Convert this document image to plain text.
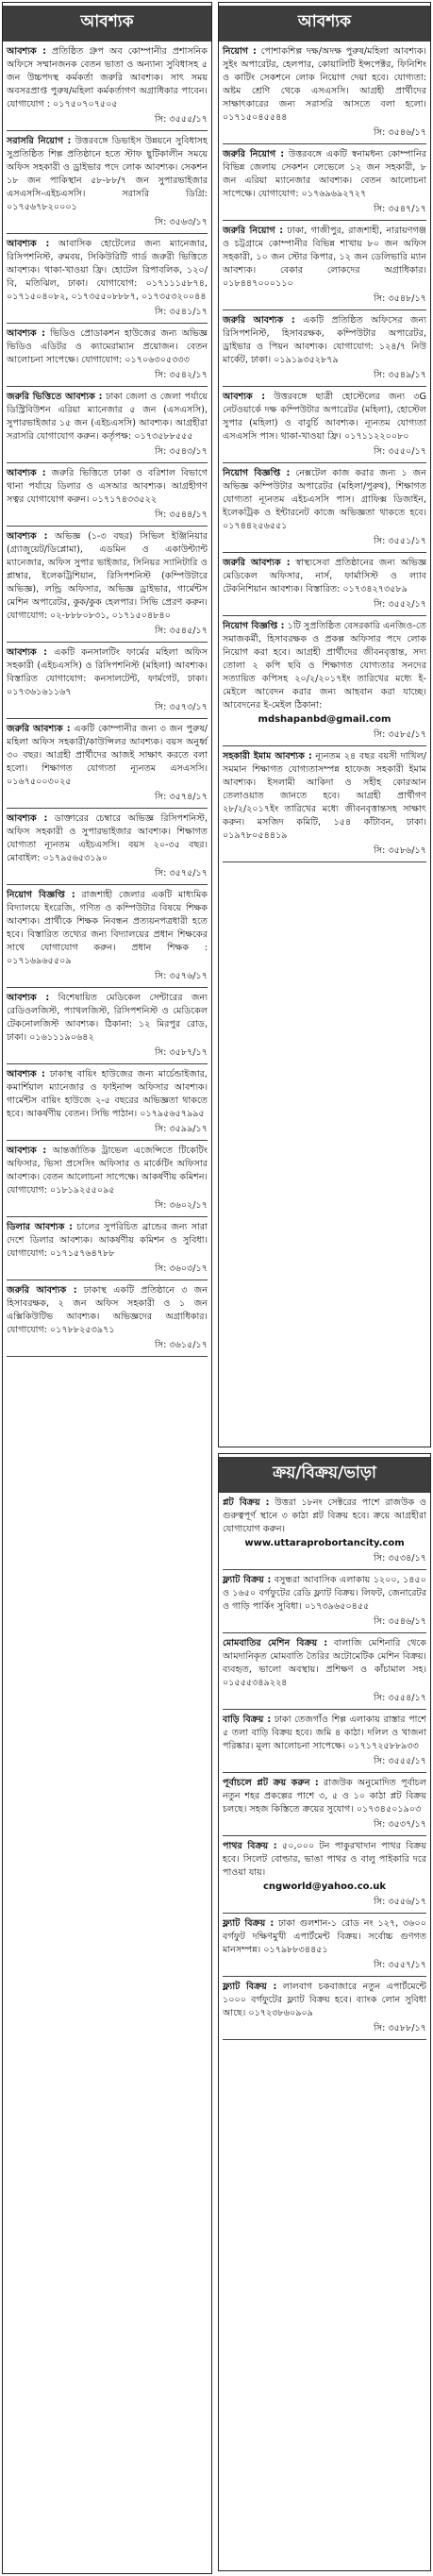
আবশ্যক
আবশ্যক : প্রতিষ্ঠিত গ্রুপ অব কোম্পানীর প্রশাসনিক অফিসে সম্মানজনক বেতন ভাতা ও অন্যান্য সুবিধাসহ ৫ জন উচ্চপদস্থ কর্মকর্তা জরুরি আবশ্যক। সাৎ সময় অবসরপ্রাপ্ত পুরুষ/মহিলা কর্মকর্তাগণ অগ্রাধিকার পাবেন। যোগাযোগ : ০১৭৫০৭০৭৫০৫
সি: ৩৫৫৫/১৭
সরাসরি নিয়োগ : উত্তরবঙ্গে ডিভাইস উন্নয়নে সুবিধাসহ সুপ্রতিষ্ঠিত শিল্প প্রতিষ্ঠানে হতে স্টাফ ছুটিকালীন সময়ে অফিস সহকারী ও ড্রাইভার পদে লোক আবশ্যক। সেকশন ১৮ জন পাকিস্থান ৫৮-৮৮/৭ জন সুপারভাইজার এসএসসি-এইচএসসি। সরাসরি ডিগ্রি: ০১৭৫৬৭৮২০০০১
সি: ৩৫৬৩/১৭
আবশ্যক : আবাসিক হোটেলের জন্য ম্যানেজার, রিসিপশনিস্ট, রুমবয়, সিকিউরিটি গার্ড জরুরী ভিত্তিতে আবশ্যক। থাকা-খাওয়া ফ্রি। হোটেল রিপাবলিক, ১২০/বি, মতিঝিল, ঢাকা। যোগাযোগ: ০১৭১১১৫৮৭৪, ০১৭১৫০৪০৮২, ০১৭৩৫৫০৮৮৮৭, ০১৭৩৫৩২০০৪৪
সি: ৩৫৪১/১৭
আবশ্যক : ভিডিও প্রোডাকশন হাউজের জন্য অভিজ্ঞ ভিডিও এডিটর ও ক্যামেরাম্যান প্রয়োজন। বেতন আলোচনা সাপেক্ষে। যোগাযোগ: ০১৭০৬৩০৫৩৩৩
সি: ৩৫৪২/১৭
জরুরি ভিত্তিতে আবশ্যক : ঢাকা জেলা ও জেলা পর্যায়ে ডিস্ট্রিবিউশন এরিয়া ম্যানেজার ৫ জন (এসএসসি), সুপারভাইজার ১৫ জন (এইচএসসি) আবশ্যক। আগ্রহীরা সরাসরি যোগাযোগ করুন। কর্তৃপক্ষ: ০১৭৩৫৮৮৫৫৫
সি: ৩৫৪৩/১৭
আবশ্যক : জরুরি ভিত্তিতে ঢাকা ও বরিশাল বিভাগে থানা পর্যায়ে ডিলার ও এসআর আবশ্যক। আগ্রহীগণ সত্বর যোগাযোগ করুন। ০১৭১৭৪৩৩৫২২
সি: ৩৫৪৪/১৭
আবশ্যক : অভিজ্ঞ (১-৩ বছর) সিভিল ইঞ্জিনিয়ার (গ্র্যাজুয়েট/ডিপ্লোমা), এডমিন ও একাউন্ট্যান্ট ম্যানেজার, অফিস সুপার ভাইজার, সিনিয়র স্যানিটারি ও প্লাম্বার, ইলেকট্রিশিয়ান, রিসিপশনিস্ট (কম্পিউটারে অভিজ্ঞ), লন্ড্রি অফিসার, অভিজ্ঞ ড্রাইভার, গার্মেন্টস মেশিন অপারেটর, কুক/কুক হেলপার। সিভি প্রেরণ করুন। যোগাযোগ: ০২-৮৮৮০৮৩১, ০১৭১৫০৪৮৪০
সি: ৩৫৪৫/১৭
আবশ্যক : একটি কনসালটিং ফার্মের মহিলা অফিস সহকারী (এইচএসসি) ও রিসিপশনিস্ট (মহিলা) আবশ্যক। বিস্তারিত যোগাযোগ: কনসালটেন্ট, ফার্মগেট, ঢাকা। ০১৭৩৬১৬১১৬৭
সি: ৩৫৭৩/১৭
জরুরি আবশ্যক : একটি কোম্পানীর জন্য ৩ জন পুরুষ/মহিলা অফিস সহকারী/কাউন্সিলর আবশ্যক। বয়স অনুর্ধ্ব ৩০ বছর। আগ্রহী প্রার্থীদের আজই সাক্ষাৎ করতে বলা হলো। শিক্ষাগত যোগ্যতা ন্যূনতম এসএসসি। ০১৬৭৫০০৩০২৫
সি: ৩৫৭৪/১৭
আবশ্যক : ডাক্তারের চেম্বারে অভিজ্ঞ রিসিপশনিস্ট, অফিস সহকারী ও সুপারভাইজার আবশ্যক। শিক্ষাগত যোগ্যতা ন্যূনতম এইচএসসি। বয়স ২০-৩৫ বছর। মোবাইল: ০১৭৯৫৬৫৩১৯০
সি: ৩৫৭৫/১৭
নিয়োগ বিজ্ঞপ্তি : রাজশাহী জেলার একটি মাধ্যমিক বিদ্যালয়ে ইংরেজি, গণিত ও কম্পিউটার বিষয়ে শিক্ষক আবশ্যক। প্রার্থীকে শিক্ষক নিবন্ধন প্রত্যয়নপত্রধারী হতে হবে। বিস্তারিত তথ্যের জন্য বিদ্যালয়ের প্রধান শিক্ষকের সাথে যোগাযোগ করুন। প্রধান শিক্ষক : ০১৭১৬৯৬৫৫০৯
সি: ৩৫৭৬/১৭
আবশ্যক : বিশেষায়িত মেডিকেল সেন্টারের জন্য রেডিওলজিস্ট, প্যাথলজিস্ট, রিসিপশনিস্ট ও মেডিকেল টেকনোলজিস্ট আবশ্যক। ঠিকানা: ১২ মিরপুর রোড, ঢাকা। ০১৬১১১৯০৬৪২
সি: ৩৫৮৭/১৭
আবশ্যক : ঢাকাস্থ বায়িং হাউজের জন্য মার্চেন্ডাইজার, কমার্শিয়াল ম্যানেজার ও ফাইনান্স অফিসার আবশ্যক। গার্মেন্টস বায়িং হাউজে ২-৫ বছরের অভিজ্ঞতা থাকতে হবে। আকর্ষণীয় বেতন। সিভি পাঠান। ০১৭৯৫৬৫৭৯৯৫
সি: ৩৫৯৯/১৭
আবশ্যক : আন্তর্জাতিক ট্রাভেল এজেন্সিতে টিকেটিং অফিসার, ভিসা প্রসেসিং অফিসার ও মার্কেটিং অফিসার আবশ্যক। বেতন আলোচনা সাপেক্ষে। আকর্ষণীয় কমিশন। যোগাযোগ: ০১৮১৯২৫৫০৯৫
সি: ৩৬০২/১৭
ডিলার আবশ্যক : চালের সুপরিচিত ব্রান্ডের জন্য সারা দেশে ডিলার আবশ্যক। আকর্ষণীয় কমিশন ও সুবিধা। যোগাযোগ: ০১৭১৫৭৬৪৭৮৮
সি: ৩৬০৩/১৭
জরুরি আবশ্যক : ঢাকাস্থ একটি প্রতিষ্ঠানে ৩ জন হিসাবরক্ষক, ২ জন অফিস সহকারী ও ১ জন এক্সিকিউটিভ আবশ্যক। অভিজ্ঞদের অগ্রাধিকার। যোগাযোগ: ০১৭৮৮২৫৩৯৭১
সি: ৩৬১৫/১৭
আবশ্যক
নিয়োগ : পোশাকশিল্প দক্ষ/অদক্ষ পুরুষ/মহিলা আবশ্যক। সুইং অপারেটর, হেলপার, কোয়ালিটি ইন্সপেক্টর, ফিনিশিং ও কাটিং সেকশনে লোক নিয়োগ দেয়া হবে। যোগ্যতা: অষ্টম শ্রেণি থেকে এসএসসি। আগ্রহী প্রার্থীদের সাক্ষাৎকারের জন্য সরাসরি আসতে বলা হলো। ০১৭১৫০৪৫৫৪৪
সি: ৩৫৪৬/১৭
জরুরি নিয়োগ : উত্তরবঙ্গে একটি স্বনামধন্য কোম্পানির বিভিন্ন জেলায় সেকশন লেভেলে ১২ জন সহকারী, ৮ জন এরিয়া ম্যানেজার আবশ্যক। বেতন আলোচনা সাপেক্ষে। যোগাযোগ: ০১৭৬৯৬৯২৭২৭
সি: ৩৫৪৭/১৭
জরুরি নিয়োগ : ঢাকা, গাজীপুর, রাজশাহী, নারায়ণগঞ্জ ও চট্টগ্রামে কোম্পানীর বিভিন্ন শাখায় ৮০ জন অফিস সহকারী, ১০ জন স্টোর কিপার, ১২ জন ডেলিভারি ম্যান আবশ্যক। বেকার লোকদের অগ্রাধিকার। ০১৮৪৪৭০০০১১০
সি: ৩৫৪৮/১৭
জরুরি আবশ্যক : একটি প্রতিষ্ঠিত অফিসের জন্য রিসিপশনিস্ট, হিসাবরক্ষক, কম্পিউটার অপারেটর, ড্রাইভার ও পিয়ন আবশ্যক। যোগাযোগ: ১২৪/৭ নিউ মার্কেট, ঢাকা। ০১৯১৯৩৫২৮৭৯
সি: ৩৫৪৯/১৭
আবশ্যক : উত্তরবঙ্গে ছাত্রী হোস্টেলের জন্য ৩G নেটওয়ার্কে দক্ষ কম্পিউটার অপারেটর (মহিলা), হোস্টেল সুপার (মহিলা) ও বাবুর্চি আবশ্যক। ন্যূনতম যোগ্যতা এসএসসি পাস। থাকা-খাওয়া ফ্রি। ০১৭১১২২০০৮০
সি: ৩৫৫০/১৭
নিয়োগ বিজ্ঞপ্তি : নেক্সটেল কাজ করার জন্য ১ জন অভিজ্ঞ কম্পিউটার অপারেটর (মহিলা/পুরুষ), শিক্ষাগত যোগ্যতা ন্যূনতম এইচএসসি পাস। গ্রাফিক্স ডিজাইন, ইলেকট্রিক ও ইন্টারনেট কাজে অভিজ্ঞতা থাকতে হবে। ০১৭৪৪২৫৬৫৫১
সি: ৩৫৫১/১৭
জরুরি আবশ্যক : স্বাস্থ্যসেবা প্রতিষ্ঠানের জন্য অভিজ্ঞ মেডিকেল অফিসার, নার্স, ফার্মাসিস্ট ও ল্যাব টেকনিশিয়ান আবশ্যক। বিস্তারিত: ০১৭৩৪২৭৩৫৮৯
সি: ৩৫৫২/১৭
নিয়োগ বিজ্ঞপ্তি : ১টি সুপ্রতিষ্ঠিত বেসরকারি এনজিও-তে সমাজকর্মী, হিসাবরক্ষক ও প্রকল্প অফিসার পদে লোক নিয়োগ করা হবে। আগ্রহী প্রার্থীদের জীবনবৃত্তান্ত, সদ্য তোলা ২ কপি ছবি ও শিক্ষাগত যোগ্যতার সনদের সত্যায়িত কপিসহ ২০/২/২০১৭ইং তারিখের মধ্যে ই-মেইলে আবেদন করার জন্য আহবান করা যাচ্ছে। আবেদনের ই-মেইল ঠিকানা:
mdshapanbd@gmail.com
সি: ৩৫৮৫/১৭
সহকারী ইমাম আবশ্যক : ন্যূনতম ২৪ বছর বয়সী দাখিল/সমমান শিক্ষাগত যোগ্যতাসম্পন্ন হাফেজ সহকারী ইমাম আবশ্যক। ইসলামী আকিদা ও সহীহ কোরআন তেলাওয়াত জানতে হবে। আগ্রহী প্রার্থীগণ ২৮/২/২০১৭ইং তারিখের মধ্যে জীবনবৃত্তান্তসহ সাক্ষাৎ করুন। মসজিদ কমিটি, ১৫৪ কাঁটাবন, ঢাকা। ০১৯৭৮০৫৪৪১৯
সি: ৩৫৮৬/১৭
ক্রয়/বিক্রয়/ভাড়া
প্লট বিক্রয় : উত্তরা ১৮নং সেক্টরের পাশে রাজউক ও গুরুত্বপূর্ণ স্থানে ৩ কাঠা প্লট বিক্রয় হবে। ক্রয়ে আগ্রহীরা যোগাযোগ করুন।
www.uttaraprobortancity.com
সি: ৩৫৩৪/১৭
ফ্ল্যাট বিক্রয় : বসুন্ধরা আবাসিক এলাকায় ১২০০, ১৪৫০ ও ১৬৫০ বর্গফুটের রেডি ফ্ল্যাট বিক্রয়। লিফট, জেনারেটর ও গাড়ি পার্কিং সুবিধা। ০১৭৩৯৬৫০৪৫৫
সি: ৩৫৪৬/১৭
মোমবাতির মেশিন বিক্রয় : বালাজি মেশিনারি থেকে আমদানিকৃত মোমবাতি তৈরির অটোমেটিক মেশিন বিক্রয়। ব্যবহৃত, ভালো অবস্থায়। প্রশিক্ষণ ও কাঁচামাল সহ। ০১৫৫৫৩৪৯২২৪
সি: ৩৫৫৪/১৭
বাড়ি বিক্রয় : ঢাকা তেজগাঁও শিল্প এলাকায় রাস্তার পাশে ৫ তলা বাড়ি বিক্রয় হবে। জমি ৪ কাঠা। দলিল ও খাজনা পরিষ্কার। মূল্য আলোচনা সাপেক্ষে। ০১৭১৭২৫৮৮৯৩৩
সি: ৩৫৫৫/১৭
পূর্বাচলে প্লট ক্রয় করুন : রাজউক অনুমোদিত পূর্বাচল নতুন শহর প্রকল্পের পাশে ৩, ৫ ও ১০ কাঠা প্লট বিক্রয় চলছে। সহজ কিস্তিতে ক্রয়ের সুযোগ। ০১৭৩৪৫০১৯০৩
সি: ৩৫৩৭/১৭
পাথর বিক্রয় : ৫০,০০০ টন পাকুরখাদান পাথর বিক্রয় হবে। সিলেট বোল্ডার, ভাঙা পাথর ও বালু পাইকারি দরে পাওয়া যায়।
cngworld@yahoo.co.uk
সি: ৩৫৫৬/১৭
ফ্ল্যাট বিক্রয় : ঢাকা গুলশান-১ রোড নং ১২৭, ৩৬০০ বর্গফুট দক্ষিণমুখী এপার্টমেন্ট বিক্রয়। সর্বোচ্চ গুণগত মানসম্পন্ন। ০১৭৯৮৮৩৪৪৫১
সি: ৩৫৫৭/১৭
ফ্ল্যাট বিক্রয় : লালবাগ চকবাজারে নতুন এপার্টমেন্টে ১০০০ বর্গফুটের ফ্ল্যাট বিক্রয় হবে। ব্যাংক লোন সুবিধা আছে। ০১৭২৩৮৬০৯০৯
সি: ৩৫৮৮/১৭
